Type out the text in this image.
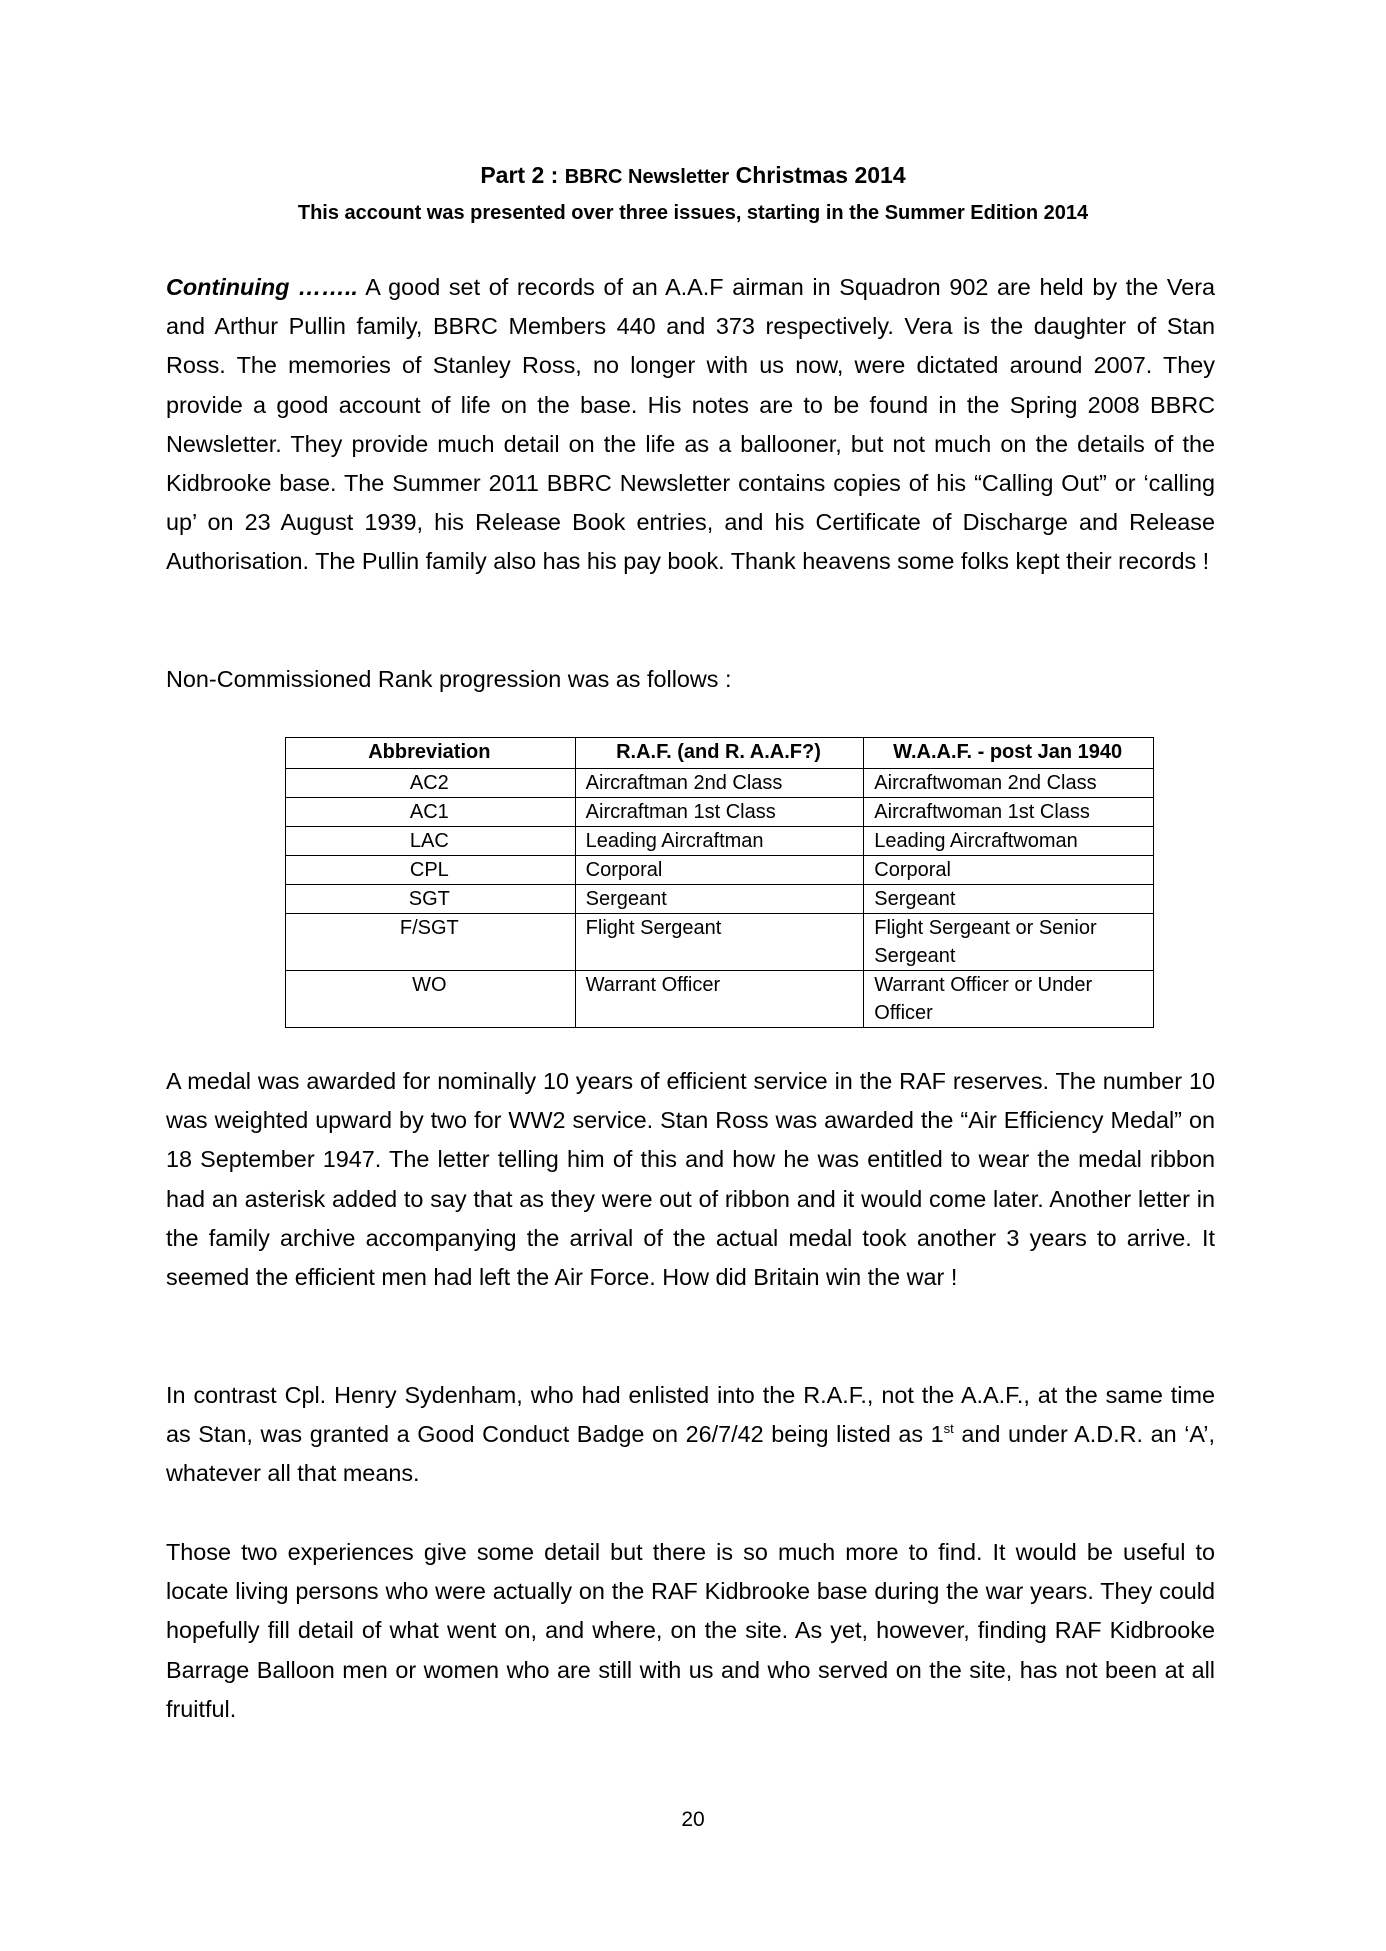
Part 2 : BBRC Newsletter Christmas 2014
This account was presented over three issues, starting in the Summer Edition 2014

Continuing …….. A good set of records of an A.A.F airman in Squadron 902 are held by the Vera and Arthur Pullin family, BBRC Members 440 and 373 respectively. Vera is the daughter of Stan Ross. The memories of Stanley Ross, no longer with us now, were dictated around 2007. They provide a good account of life on the base. His notes are to be found in the Spring 2008 BBRC Newsletter. They provide much detail on the life as a ballooner, but not much on the details of the Kidbrooke base. The Summer 2011 BBRC Newsletter contains copies of his “Calling Out” or ‘calling up’ on 23 August 1939, his Release Book entries, and his Certificate of Discharge and Release Authorisation. The Pullin family also has his pay book. Thank heavens some folks kept their records !

Non-Commissioned Rank progression was as follows :

Abbreviation	R.A.F. (and R. A.A.F?)	W.A.A.F. - post Jan 1940
AC2	Aircraftman 2nd Class	Aircraftwoman 2nd Class
AC1	Aircraftman 1st Class	Aircraftwoman 1st Class
LAC	Leading Aircraftman	Leading Aircraftwoman
CPL	Corporal	Corporal
SGT	Sergeant	Sergeant
F/SGT	Flight Sergeant	Flight Sergeant or Senior Sergeant
WO	Warrant Officer	Warrant Officer or Under Officer

A medal was awarded for nominally 10 years of efficient service in the RAF reserves. The number 10 was weighted upward by two for WW2 service. Stan Ross was awarded the “Air Efficiency Medal” on 18 September 1947. The letter telling him of this and how he was entitled to wear the medal ribbon had an asterisk added to say that as they were out of ribbon and it would come later. Another letter in the family archive accompanying the arrival of the actual medal took another 3 years to arrive. It seemed the efficient men had left the Air Force. How did Britain win the war !

In contrast Cpl. Henry Sydenham, who had enlisted into the R.A.F., not the A.A.F., at the same time as Stan, was granted a Good Conduct Badge on 26/7/42 being listed as 1st and under A.D.R. an ‘A’, whatever all that means.

Those two experiences give some detail but there is so much more to find. It would be useful to locate living persons who were actually on the RAF Kidbrooke base during the war years. They could hopefully fill detail of what went on, and where, on the site. As yet, however, finding RAF Kidbrooke Barrage Balloon men or women who are still with us and who served on the site, has not been at all fruitful.

20
